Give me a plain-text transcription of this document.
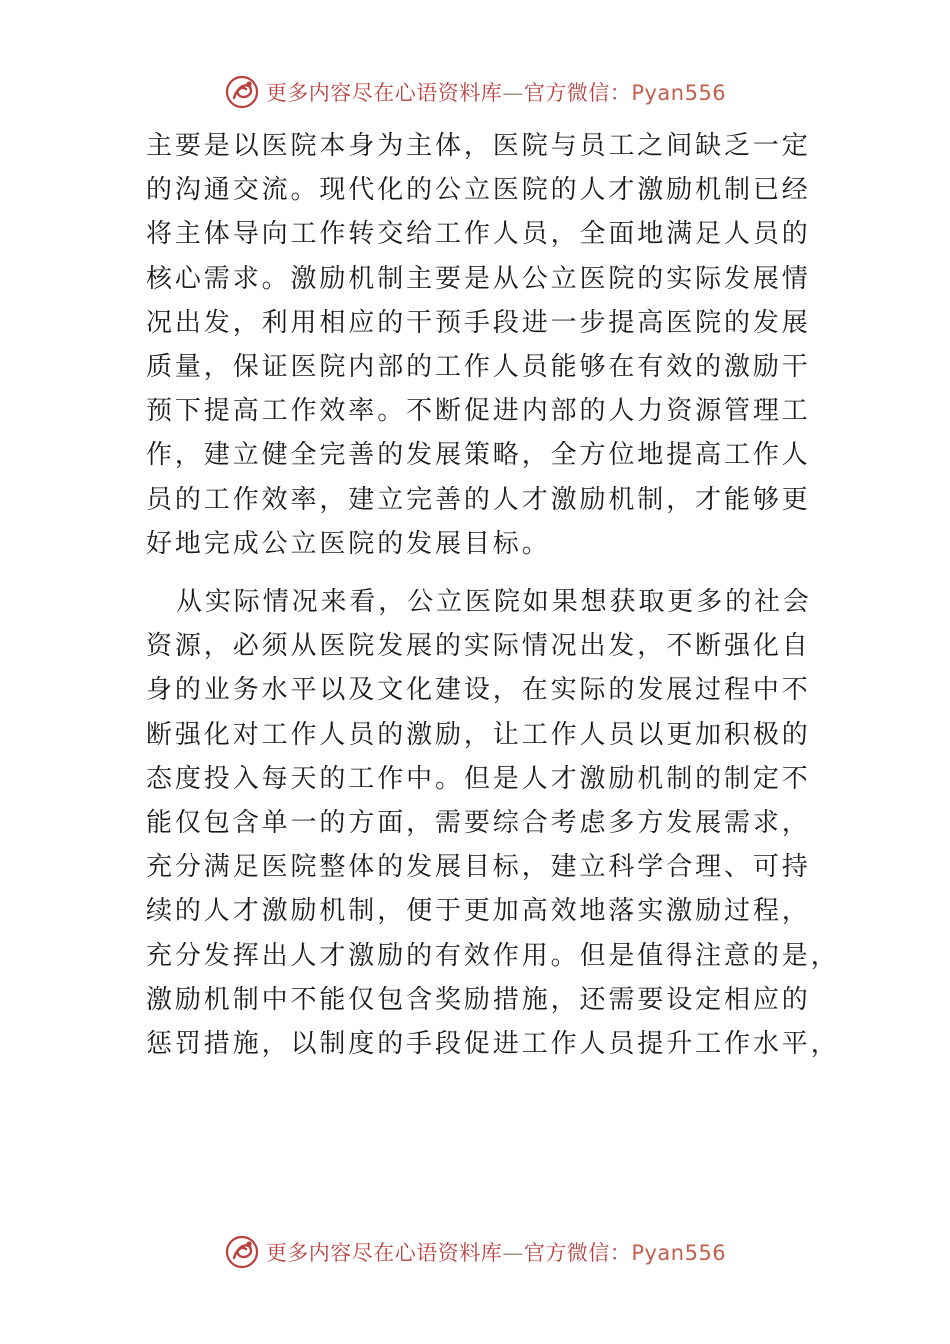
更多内容尽在心语资料库—官方微信：Pyan556

主要是以医院本身为主体，医院与员工之间缺乏一定
的沟通交流。现代化的公立医院的人才激励机制已经
将主体导向工作转交给工作人员，全面地满足人员的
核心需求。激励机制主要是从公立医院的实际发展情
况出发，利用相应的干预手段进一步提高医院的发展
质量，保证医院内部的工作人员能够在有效的激励干
预下提高工作效率。不断促进内部的人力资源管理工
作，建立健全完善的发展策略，全方位地提高工作人
员的工作效率，建立完善的人才激励机制，才能够更
好地完成公立医院的发展目标。

从实际情况来看，公立医院如果想获取更多的社会
资源，必须从医院发展的实际情况出发，不断强化自
身的业务水平以及文化建设，在实际的发展过程中不
断强化对工作人员的激励，让工作人员以更加积极的
态度投入每天的工作中。但是人才激励机制的制定不
能仅包含单一的方面，需要综合考虑多方发展需求，
充分满足医院整体的发展目标，建立科学合理、可持
续的人才激励机制，便于更加高效地落实激励过程，
充分发挥出人才激励的有效作用。但是值得注意的是，
激励机制中不能仅包含奖励措施，还需要设定相应的
惩罚措施，以制度的手段促进工作人员提升工作水平，

更多内容尽在心语资料库—官方微信：Pyan556
